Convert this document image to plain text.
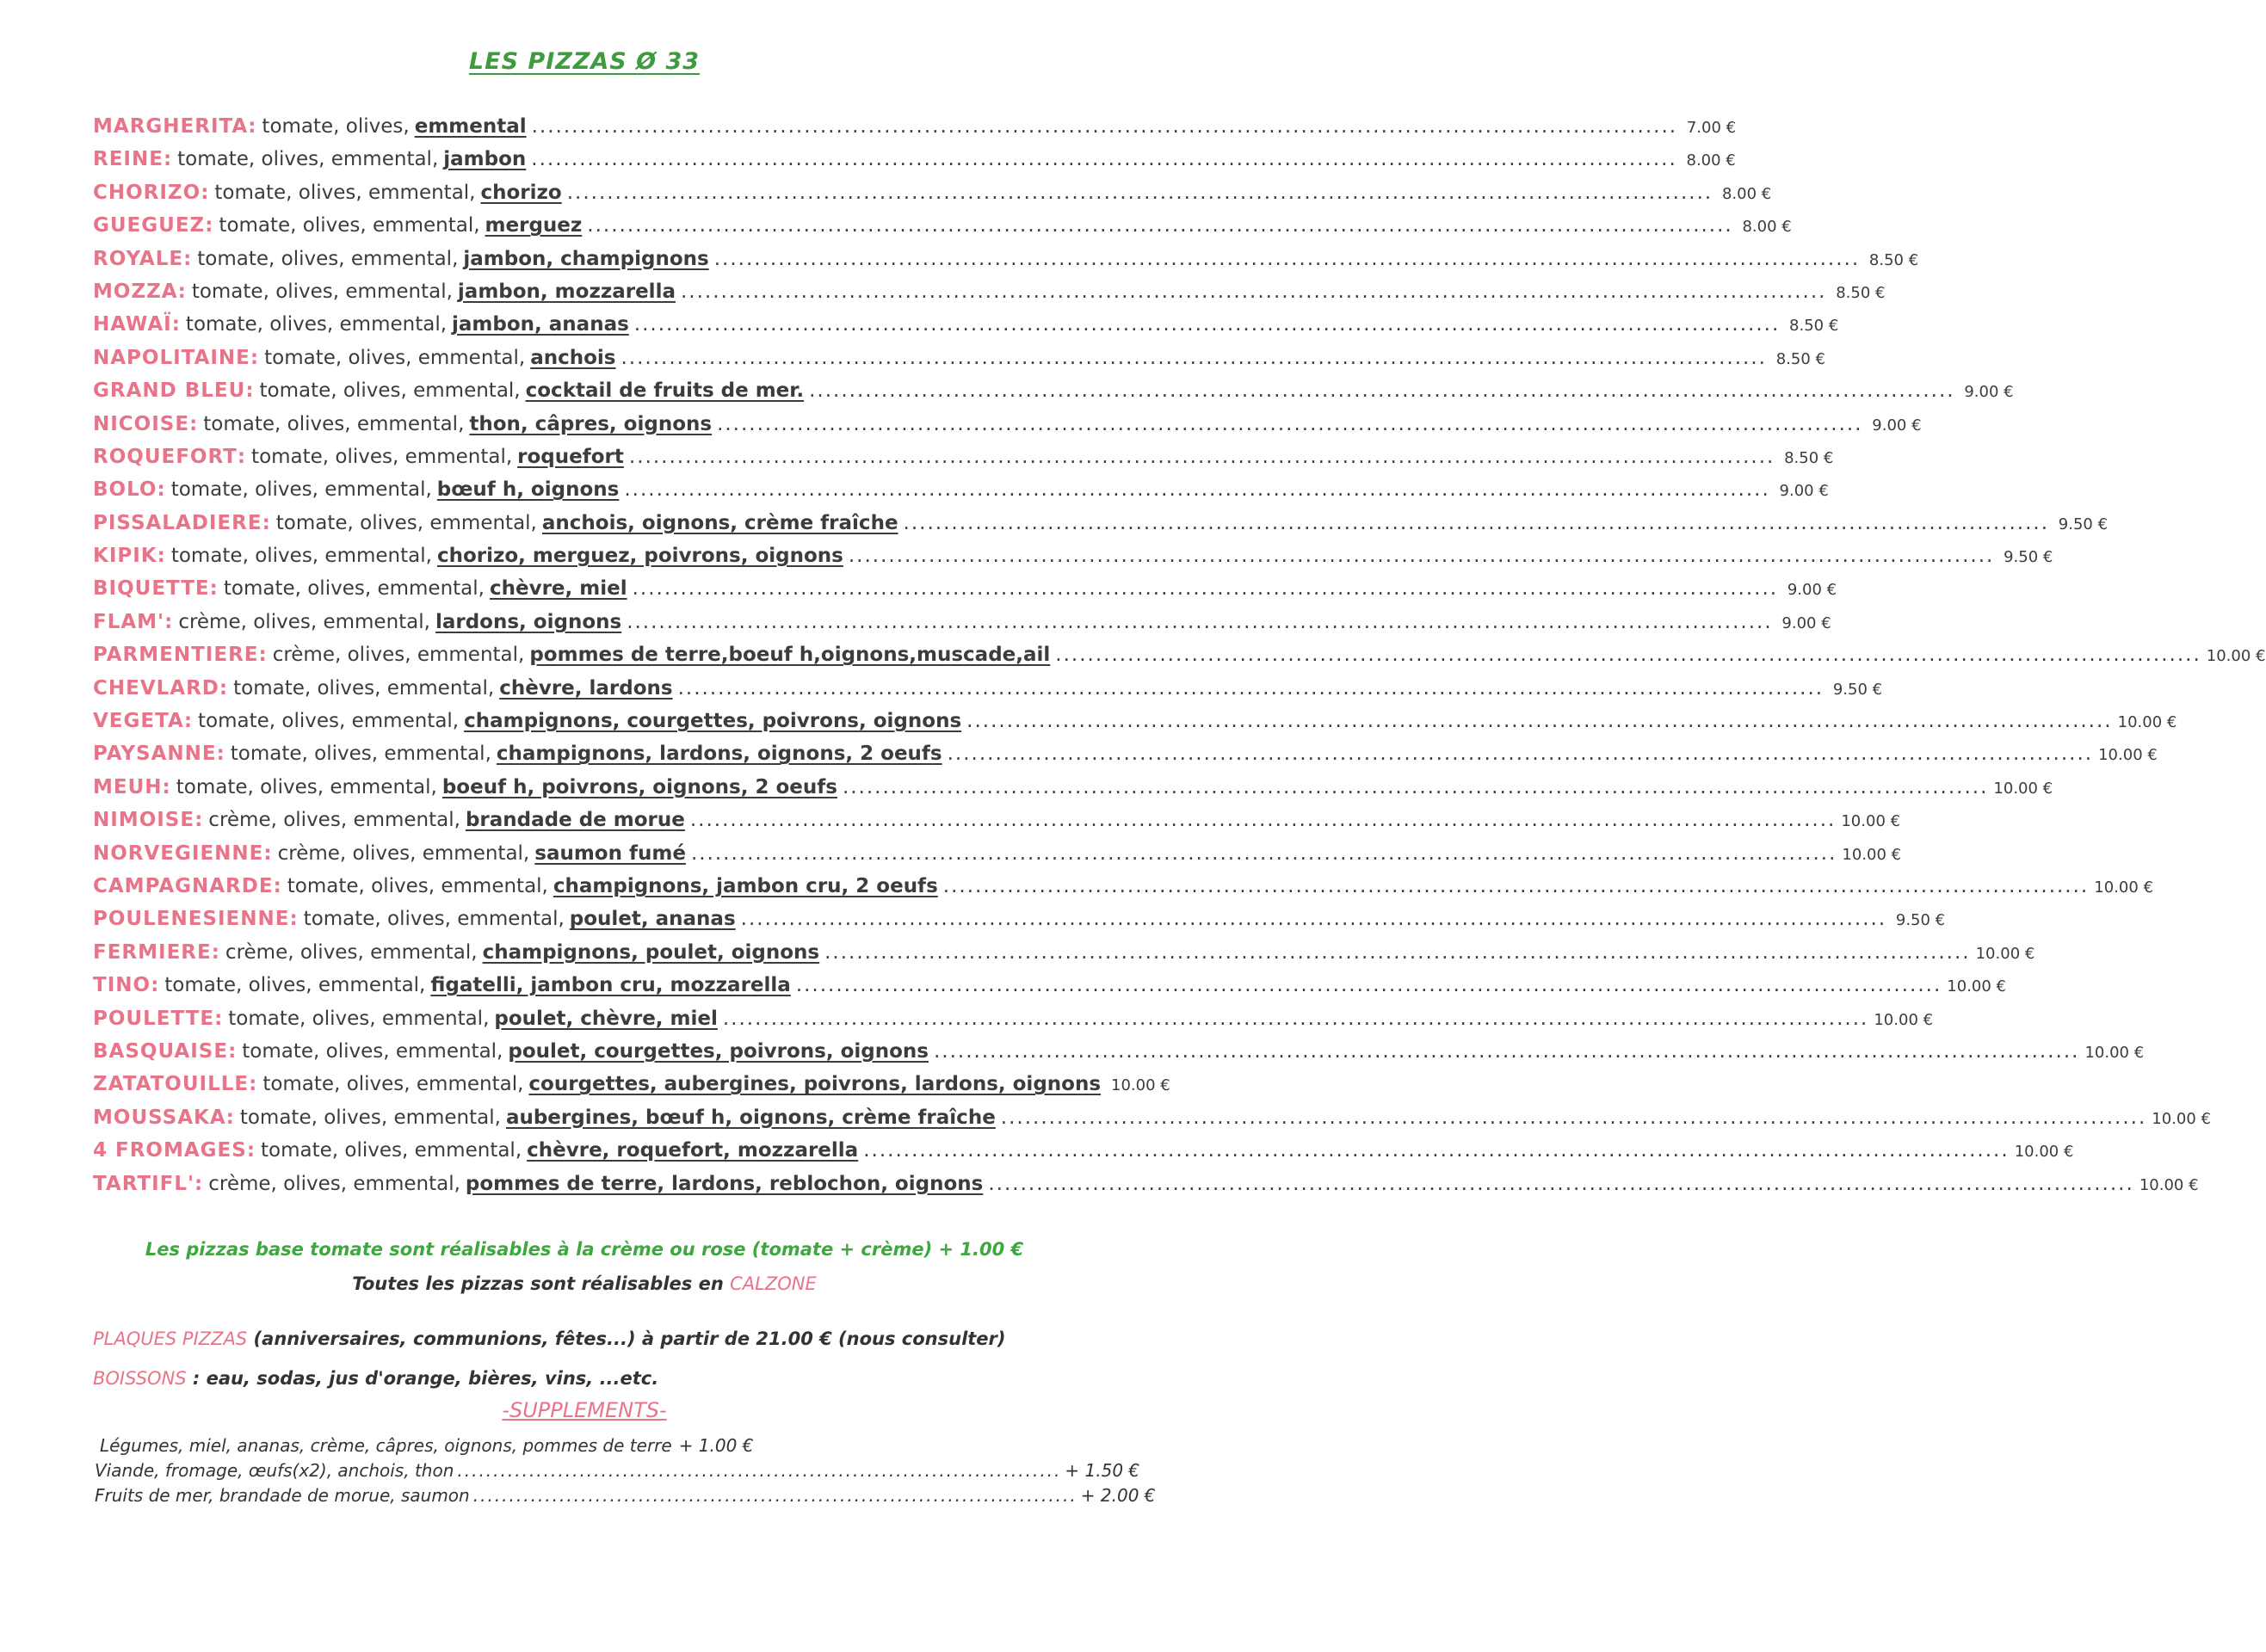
LES PIZZAS Ø 33
MARGHERITA : tomate, olives, emmental .....	7.00 €
REINE : tomate, olives, emmental, jambon .....	8.00 €
CHORIZO : tomate, olives, emmental, chorizo .....	8.00 €
GUEGUEZ : tomate, olives, emmental, merguez .....	8.00 €
ROYALE : tomate, olives, emmental, jambon, champignons .....	8.50 €
MOZZA : tomate, olives, emmental, jambon, mozzarella .....	8.50 €
HAWAÏ : tomate, olives, emmental, jambon, ananas .....	8.50 €
NAPOLITAINE : tomate, olives, emmental, anchois .....	8.50 €
GRAND BLEU : tomate, olives, emmental, cocktail de fruits de mer. .....	9.00 €
NICOISE : tomate, olives, emmental, thon, câpres, oignons .....	9.00 €
ROQUEFORT : tomate, olives, emmental, roquefort .....	8.50 €
BOLO : tomate, olives, emmental, bœuf h, oignons .....	9.00 €
PISSALADIERE : tomate, olives, emmental, anchois, oignons, crème fraîche .....	9.50 €
KIPIK : tomate, olives, emmental, chorizo, merguez, poivrons, oignons .....	9.50 €
BIQUETTE : tomate, olives, emmental, chèvre, miel .....	9.00 €
FLAM' : crème, olives, emmental, lardons, oignons .....	9.00 €
PARMENTIERE : crème, olives, emmental, pommes de terre,boeuf h,oignons,muscade,ail .....	10.00 €
CHEVLARD : tomate, olives, emmental, chèvre, lardons .....	9.50 €
VEGETA : tomate, olives, emmental, champignons, courgettes, poivrons, oignons .....	10.00 €
PAYSANNE : tomate, olives, emmental, champignons, lardons, oignons, 2 oeufs .....	10.00 €
MEUH : tomate, olives, emmental, boeuf h, poivrons, oignons, 2 oeufs .....	10.00 €
NIMOISE : crème, olives, emmental, brandade de morue .....	10.00 €
NORVEGIENNE : crème, olives, emmental, saumon fumé .....	10.00 €
CAMPAGNARDE : tomate, olives, emmental, champignons, jambon cru, 2 oeufs .....	10.00 €
POULENESIENNE : tomate, olives, emmental, poulet, ananas .....	9.50 €
FERMIERE : crème, olives, emmental, champignons, poulet, oignons .....	10.00 €
TINO : tomate, olives, emmental, figatelli, jambon cru, mozzarella .....	10.00 €
POULETTE : tomate, olives, emmental, poulet, chèvre, miel .....	10.00 €
BASQUAISE : tomate, olives, emmental, poulet, courgettes, poivrons, oignons .....	10.00 €
ZATATOUILLE : tomate, olives, emmental, courgettes, aubergines, poivrons, lardons, oignons 10.00 €
MOUSSAKA : tomate, olives, emmental, aubergines, bœuf h, oignons, crème fraîche .....	10.00 €
4 FROMAGES : tomate, olives, emmental, chèvre, roquefort, mozzarella .....	10.00 €
TARTIFL' : crème, olives, emmental, pommes de terre, lardons, reblochon, oignons .....	10.00 €
Les pizzas base tomate sont réalisables à la crème ou rose (tomate + crème) + 1.00 €
Toutes les pizzas sont réalisables en CALZONE
PLAQUES PIZZAS (anniversaires, communions, fêtes...) à partir de 21.00 € (nous consulter)
BOISSONS : eau, sodas, jus d'orange, bières, vins, ...etc.
-SUPPLEMENTS-
Légumes, miel, ananas, crème, câpres, oignons, pommes de terre + 1.00 €
Viande, fromage, œufs(x2), anchois, thon .....	+ 1.50 €
Fruits de mer, brandade de morue, saumon .....	+ 2.00 €
